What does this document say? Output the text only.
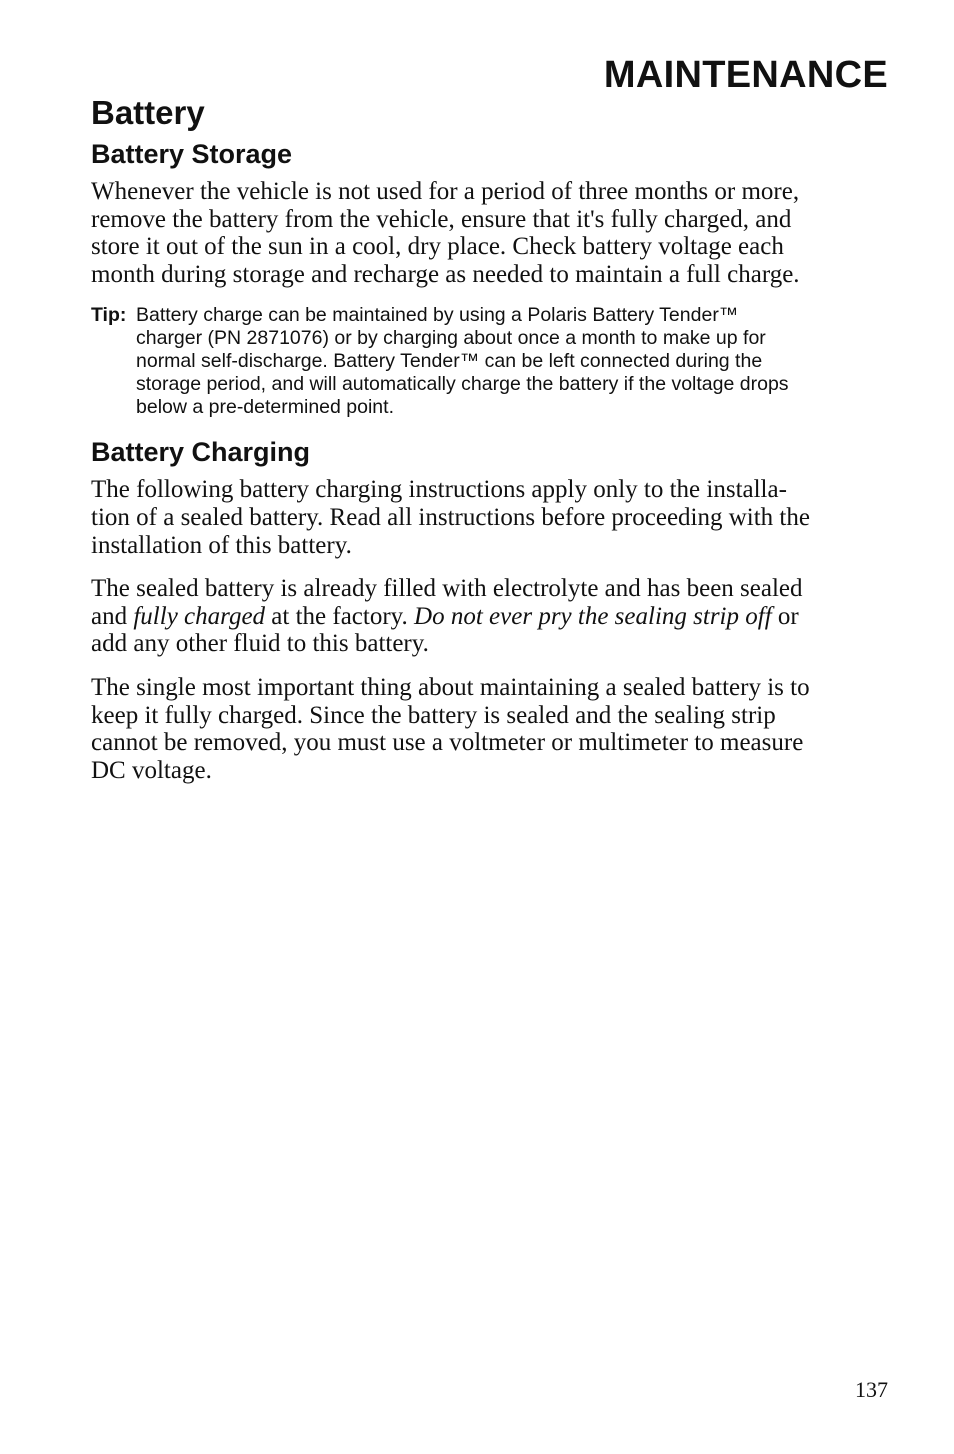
MAINTENANCE
Battery
Battery Storage

Whenever the vehicle is not used for a period of three months or more,
remove the battery from the vehicle, ensure that it's fully charged, and
store it out of the sun in a cool, dry place. Check battery voltage each
month during storage and recharge as needed to maintain a full charge.

Tip: Battery charge can be maintained by using a Polaris Battery Tender™
charger (PN 2871076) or by charging about once a month to make up for
normal self-discharge. Battery Tender™ can be left connected during the
storage period, and will automatically charge the battery if the voltage drops
below a pre-determined point.
Battery Charging

The following battery charging instructions apply only to the installa-
tion of a sealed battery. Read all instructions before proceeding with the
installation of this battery.

The sealed battery is already filled with electrolyte and has been sealed
and fully charged at the factory. Do not ever pry the sealing strip off or
add any other fluid to this battery.

The single most important thing about maintaining a sealed battery is to
keep it fully charged. Since the battery is sealed and the sealing strip
cannot be removed, you must use a voltmeter or multimeter to measure
DC voltage.

137
